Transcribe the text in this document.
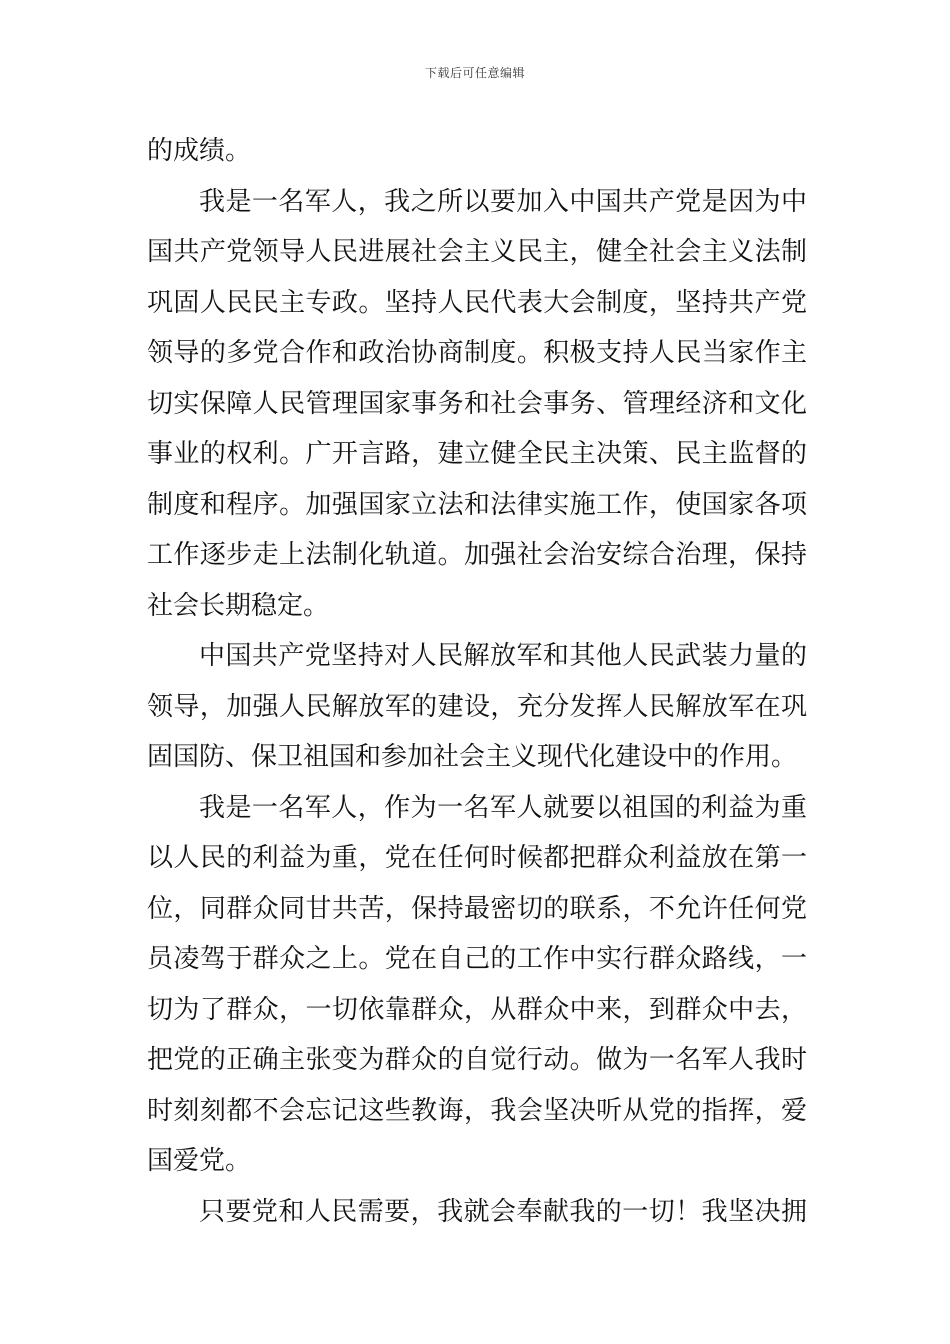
下载后可任意编辑
的成绩。
我是一名军人，我之所以要加入中国共产党是因为中
国共产党领导人民进展社会主义民主，健全社会主义法制
巩固人民民主专政。坚持人民代表大会制度，坚持共产党
领导的多党合作和政治协商制度。积极支持人民当家作主
切实保障人民管理国家事务和社会事务、管理经济和文化
事业的权利。广开言路，建立健全民主决策、民主监督的
制度和程序。加强国家立法和法律实施工作，使国家各项
工作逐步走上法制化轨道。加强社会治安综合治理，保持
社会长期稳定。
中国共产党坚持对人民解放军和其他人民武装力量的
领导，加强人民解放军的建设，充分发挥人民解放军在巩
固国防、保卫祖国和参加社会主义现代化建设中的作用。
我是一名军人，作为一名军人就要以祖国的利益为重
以人民的利益为重，党在任何时候都把群众利益放在第一
位，同群众同甘共苦，保持最密切的联系，不允许任何党
员凌驾于群众之上。党在自己的工作中实行群众路线，一
切为了群众，一切依靠群众，从群众中来，到群众中去，
把党的正确主张变为群众的自觉行动。做为一名军人我时
时刻刻都不会忘记这些教诲，我会坚决听从党的指挥，爱
国爱党。
只要党和人民需要，我就会奉献我的一切！我坚决拥
